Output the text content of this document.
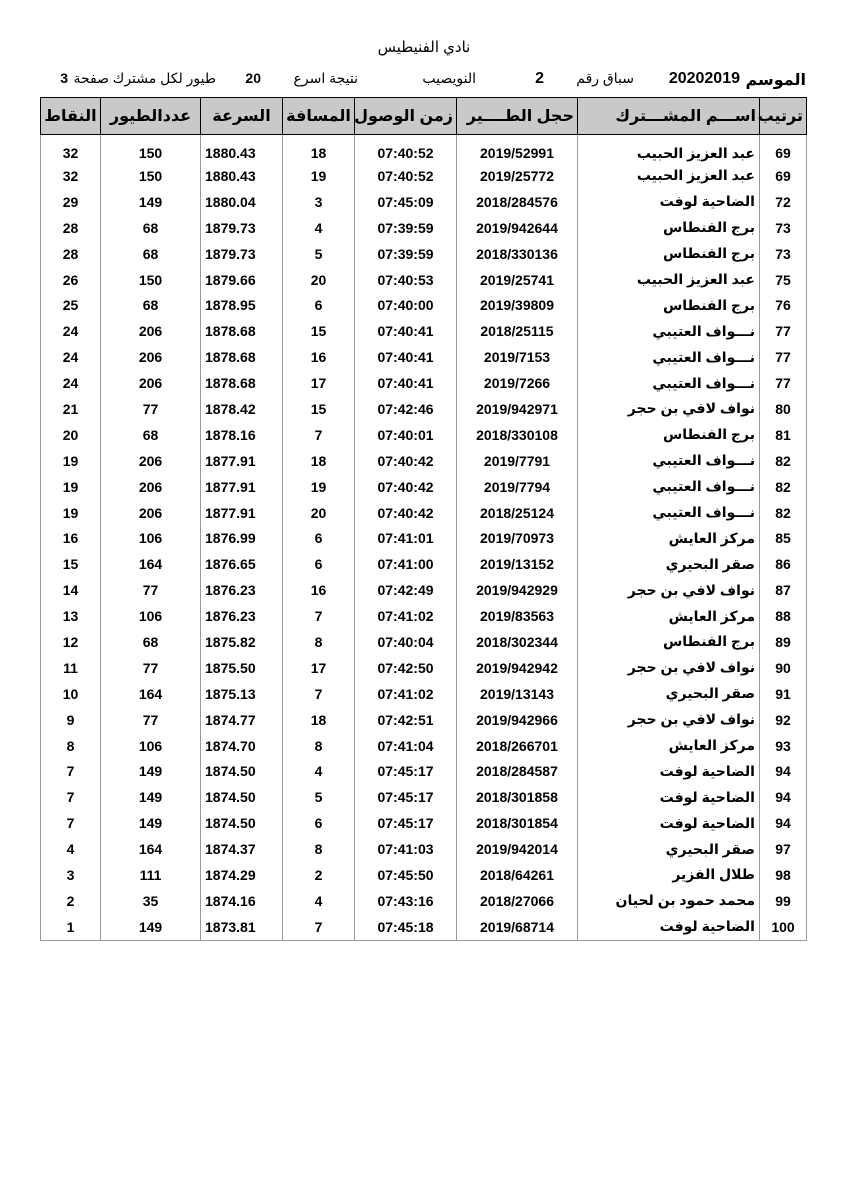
نادي الفنيطيس
الموسم
20202019
سباق رقم
2
النويصيب
نتيجة اسرع
20
طيور لكل مشترك
صفحة
3
ترتيب	اســـم المشـــترك	حجل الطــــير	زمن الوصول	المسافة	السرعة	عددالطيور	النقاط
69	عبد العزيز الحبيب	2019/52991	07:40:52	18	1880.43	150	32
69	عبد العزيز الحبيب	2019/25772	07:40:52	19	1880.43	150	32
72	الضاحية لوفت	2018/284576	07:45:09	3	1880.04	149	29
73	برج الفنطاس	2019/942644	07:39:59	4	1879.73	68	28
73	برج الفنطاس	2018/330136	07:39:59	5	1879.73	68	28
75	عبد العزيز الحبيب	2019/25741	07:40:53	20	1879.66	150	26
76	برج الفنطاس	2019/39809	07:40:00	6	1878.95	68	25
77	نـــواف العتيبي	2018/25115	07:40:41	15	1878.68	206	24
77	نـــواف العتيبي	2019/7153	07:40:41	16	1878.68	206	24
77	نـــواف العتيبي	2019/7266	07:40:41	17	1878.68	206	24
80	نواف لافي بن حجر	2019/942971	07:42:46	15	1878.42	77	21
81	برج الفنطاس	2018/330108	07:40:01	7	1878.16	68	20
82	نـــواف العتيبي	2019/7791	07:40:42	18	1877.91	206	19
82	نـــواف العتيبي	2019/7794	07:40:42	19	1877.91	206	19
82	نـــواف العتيبي	2018/25124	07:40:42	20	1877.91	206	19
85	مركز العايش	2019/70973	07:41:01	6	1876.99	106	16
86	صقر البحيري	2019/13152	07:41:00	6	1876.65	164	15
87	نواف لافي بن حجر	2019/942929	07:42:49	16	1876.23	77	14
88	مركز العايش	2019/83563	07:41:02	7	1876.23	106	13
89	برج الفنطاس	2018/302344	07:40:04	8	1875.82	68	12
90	نواف لافي بن حجر	2019/942942	07:42:50	17	1875.50	77	11
91	صقر البحيري	2019/13143	07:41:02	7	1875.13	164	10
92	نواف لافي بن حجر	2019/942966	07:42:51	18	1874.77	77	9
93	مركز العايش	2018/266701	07:41:04	8	1874.70	106	8
94	الضاحية لوفت	2018/284587	07:45:17	4	1874.50	149	7
94	الضاحية لوفت	2018/301858	07:45:17	5	1874.50	149	7
94	الضاحية لوفت	2018/301854	07:45:17	6	1874.50	149	7
97	صقر البحيري	2019/942014	07:41:03	8	1874.37	164	4
98	طلال الفزير	2018/64261	07:45:50	2	1874.29	111	3
99	محمد حمود بن لحيان	2018/27066	07:43:16	4	1874.16	35	2
100	الضاحية لوفت	2019/68714	07:45:18	7	1873.81	149	1
